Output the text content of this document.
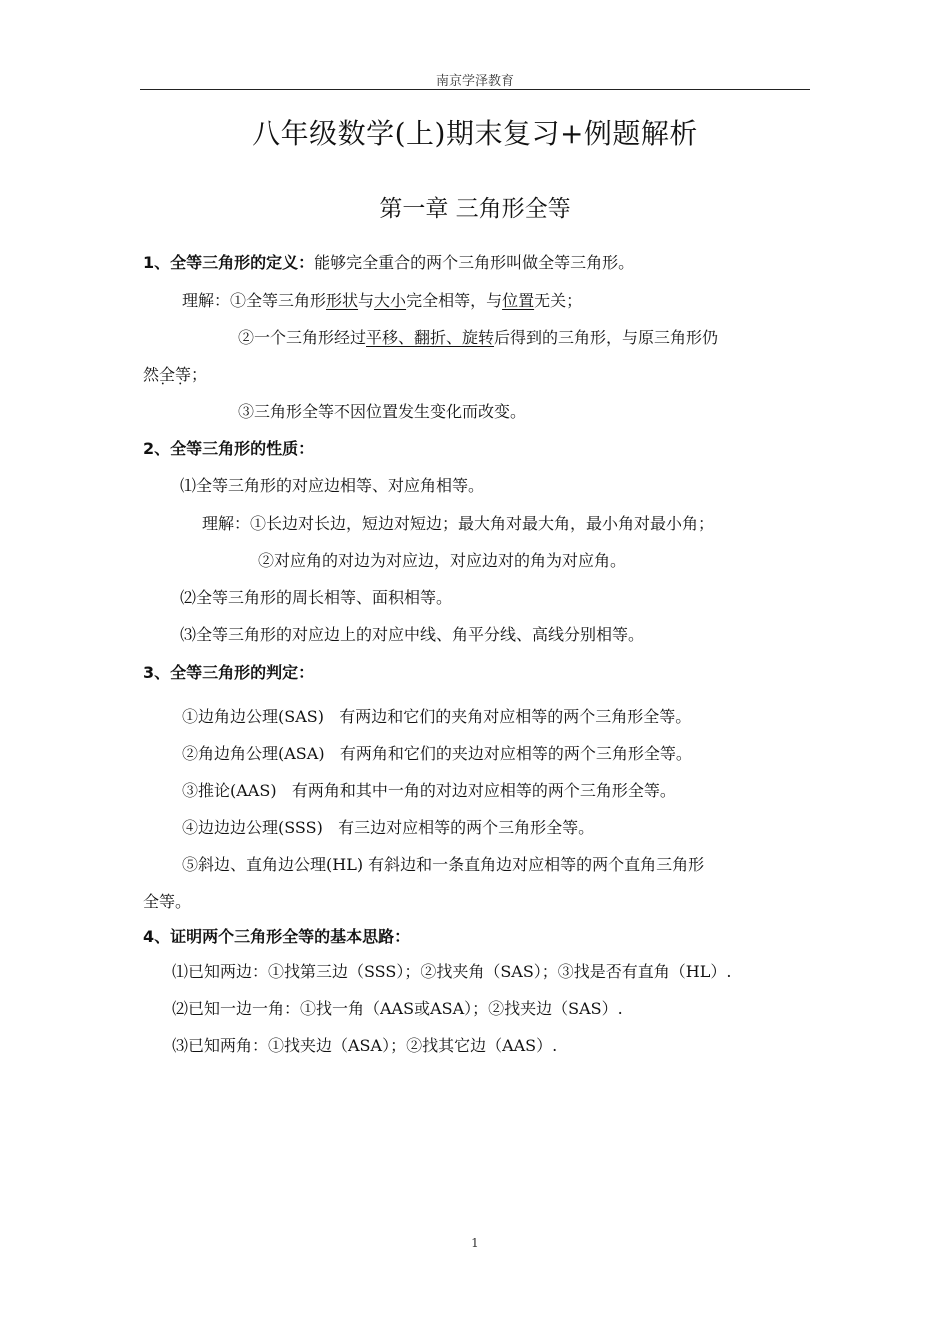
南京学泽教育
八年级数学(上)期末复习+例题解析
第一章 三角形全等
1、全等三角形的定义：能够完全重合的两个三角形叫做全等三角形。
理解：①全等三角形形状与大小完全相等，与位置无关；
②一个三角形经过平移、翻折、旋转后得到的三角形，与原三角形仍
然全等 • •；
③三角形全等不因位置发生变化而改变。
2、全等三角形的性质：
⑴全等三角形的对应边相等、对应角相等。
理解：①长边对长边，短边对短边；最大角对最大角，最小角对最小角；
②对应角的对边为对应边，对应边对的角为对应角。
⑵全等三角形的周长相等、面积相等。
⑶全等三角形的对应边上的对应中线、角平分线、高线分别相等。
3、全等三角形的判定：
①边角边公理(SAS)   有两边和它们的夹角对应相等的两个三角形全等。
②角边角公理(ASA)   有两角和它们的夹边对应相等的两个三角形全等。
③推论(AAS)   有两角和其中一角的对边对应相等的两个三角形全等。
④边边边公理(SSS)   有三边对应相等的两个三角形全等。
⑤斜边、直角边公理(HL) 有斜边和一条直角边对应相等的两个直角三角形
全等。
4、证明两个三角形全等的基本思路：
⑴已知两边：①找第三边（SSS）；②找夹角（SAS）；③找是否有直角（HL）.
⑵已知一边一角：①找一角（AAS或ASA）；②找夹边（SAS）.
⑶已知两角：①找夹边（ASA）；②找其它边（AAS）.
1
